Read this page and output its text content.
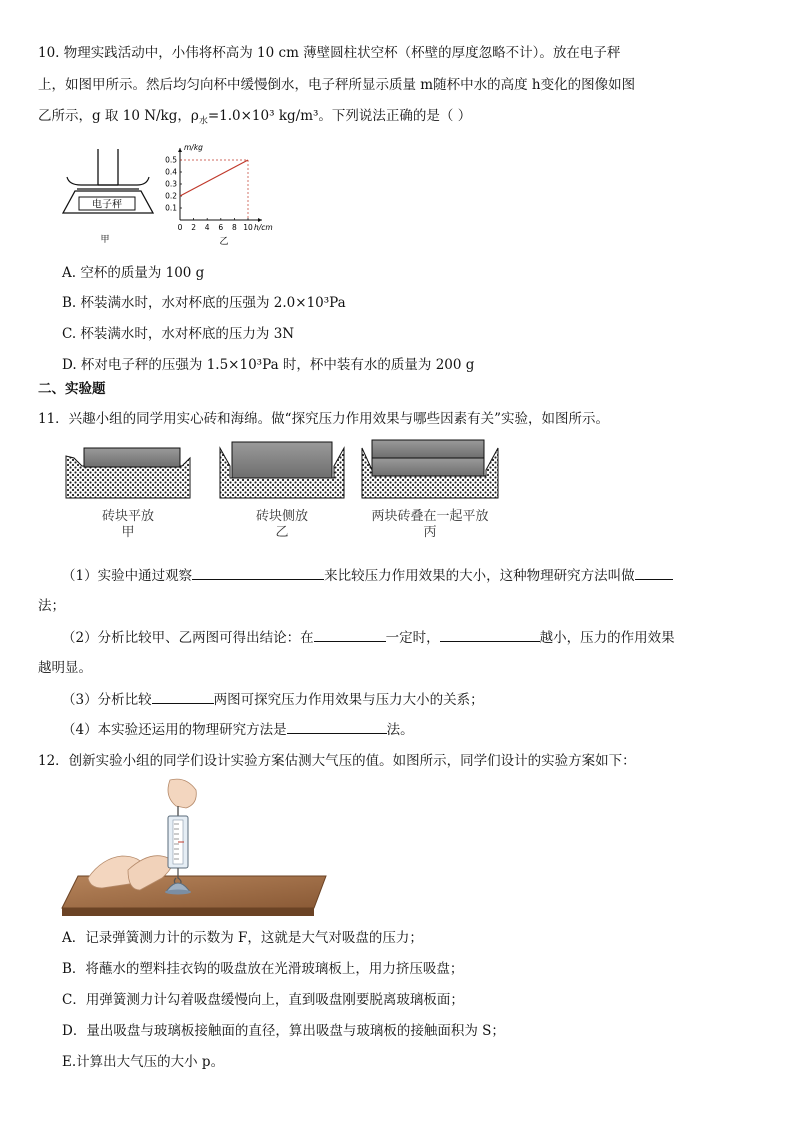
10. 物理实践活动中，小伟将杯高为 10 cm 薄壁圆柱状空杯（杯壁的厚度忽略不计）。放在电子秤
上，如图甲所示。然后均匀向杯中缓慢倒水，电子秤所显示质量 m随杯中水的高度 h变化的图像如图
乙所示，g 取 10 N/kg，$\rho_水=1.0\times 10^3$ kg/m³。下列说法正确的是（ ）
电子秤
甲
0 2 4 6 8 10
0.1
0.2
0.3
0.4
0.5
m/kg
h/cm
乙
A. 空杯的质量为 100 g
B. 杯装满水时，水对杯底的压强为 2.0×10³Pa
C. 杯装满水时，水对杯底的压力为 3N
D. 杯对电子秤的压强为 1.5×10³Pa 时，杯中装有水的质量为 200 g
二、实验题
11．兴趣小组的同学用实心砖和海绵。做“探究压力作用效果与哪些因素有关”实验，如图所示。
砖块平放
甲
砖块侧放
乙
两块砖叠在一起平放
丙
（1）实验中通过观察	来比较压力作用效果的大小，这种物理研究方法叫做
法；
（2）分析比较甲、乙两图可得出结论：在	一定时，	越小，压力的作用效果
越明显。
（3）分析比较	两图可探究压力作用效果与压力大小的关系；
（4）本实验还运用的物理研究方法是	法。
12．创新实验小组的同学们设计实验方案估测大气压的值。如图所示，同学们设计的实验方案如下：
A．记录弹簧测力计的示数为 F，这就是大气对吸盘的压力；
B．将蘸水的塑料挂衣钩的吸盘放在光滑玻璃板上，用力挤压吸盘；
C．用弹簧测力计勾着吸盘缓慢向上，直到吸盘刚要脱离玻璃板面；
D．量出吸盘与玻璃板接触面的直径，算出吸盘与玻璃板的接触面积为 S；
E.计算出大气压的大小 p。
